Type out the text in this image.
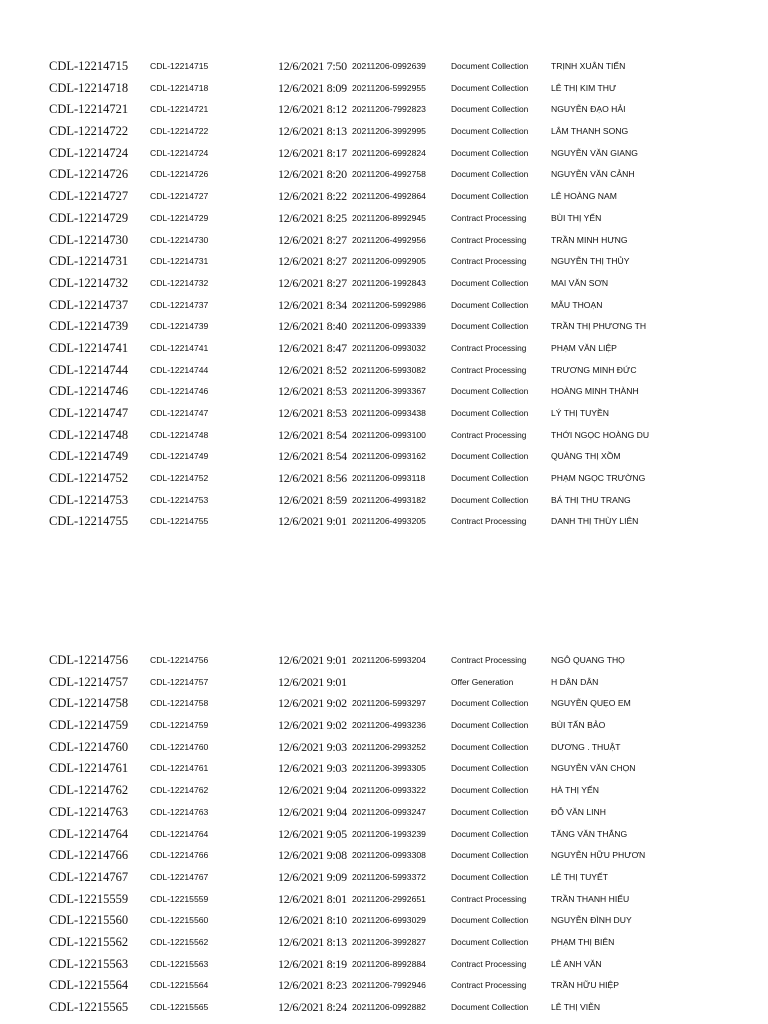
CDL-12214715	CDL-12214715	12/6/2021 7:50 20211206-0992639	Document Collection	TRỊNH XUÂN TIẾN
CDL-12214718	CDL-12214718	12/6/2021 8:09 20211206-5992955	Document Collection	LÊ THỊ KIM THƯ
CDL-12214721	CDL-12214721	12/6/2021 8:12 20211206-7992823	Document Collection	NGUYỄN ĐẠO HẢI
CDL-12214722	CDL-12214722	12/6/2021 8:13 20211206-3992995	Document Collection	LÂM THANH SONG
CDL-12214724	CDL-12214724	12/6/2021 8:17 20211206-6992824	Document Collection	NGUYỄN VĂN GIANG
CDL-12214726	CDL-12214726	12/6/2021 8:20 20211206-4992758	Document Collection	NGUYỄN VĂN CẢNH
CDL-12214727	CDL-12214727	12/6/2021 8:22 20211206-4992864	Document Collection	LÊ HOÀNG NAM
CDL-12214729	CDL-12214729	12/6/2021 8:25 20211206-8992945	Contract Processing	BÙI THỊ YẾN
CDL-12214730	CDL-12214730	12/6/2021 8:27 20211206-4992956	Contract Processing	TRẦN MINH HƯNG
CDL-12214731	CDL-12214731	12/6/2021 8:27 20211206-0992905	Contract Processing	NGUYỄN THỊ THỦY
CDL-12214732	CDL-12214732	12/6/2021 8:27 20211206-1992843	Document Collection	MAI VĂN SƠN
CDL-12214737	CDL-12214737	12/6/2021 8:34 20211206-5992986	Document Collection	MẪU THOẠN
CDL-12214739	CDL-12214739	12/6/2021 8:40 20211206-0993339	Document Collection	TRẦN THỊ PHƯƠNG TH
CDL-12214741	CDL-12214741	12/6/2021 8:47 20211206-0993032	Contract Processing	PHẠM VĂN LIỆP
CDL-12214744	CDL-12214744	12/6/2021 8:52 20211206-5993082	Contract Processing	TRƯƠNG MINH ĐỨC
CDL-12214746	CDL-12214746	12/6/2021 8:53 20211206-3993367	Document Collection	HOÀNG MINH THÀNH
CDL-12214747	CDL-12214747	12/6/2021 8:53 20211206-0993438	Document Collection	LÝ THỊ TUYỀN
CDL-12214748	CDL-12214748	12/6/2021 8:54 20211206-0993100	Contract Processing	THỚI NGỌC HOÀNG DU
CDL-12214749	CDL-12214749	12/6/2021 8:54 20211206-0993162	Document Collection	QUÀNG THỊ XỒM
CDL-12214752	CDL-12214752	12/6/2021 8:56 20211206-0993118	Document Collection	PHẠM NGỌC TRƯỜNG
CDL-12214753	CDL-12214753	12/6/2021 8:59 20211206-4993182	Document Collection	BÁ THỊ THU TRANG
CDL-12214755	CDL-12214755	12/6/2021 9:01 20211206-4993205	Contract Processing	DANH THỊ THÙY LIÊN
CDL-12214756	CDL-12214756	12/6/2021 9:01 20211206-5993204	Contract Processing	NGÔ QUANG THỌ
CDL-12214757	CDL-12214757	12/6/2021 9:01	Offer Generation	H DÂN DÂN
CDL-12214758	CDL-12214758	12/6/2021 9:02 20211206-5993297	Document Collection	NGUYỄN QUẸO EM
CDL-12214759	CDL-12214759	12/6/2021 9:02 20211206-4993236	Document Collection	BÙI TẤN BẢO
CDL-12214760	CDL-12214760	12/6/2021 9:03 20211206-2993252	Document Collection	DƯƠNG . THUẬT
CDL-12214761	CDL-12214761	12/6/2021 9:03 20211206-3993305	Document Collection	NGUYỄN VĂN CHỌN
CDL-12214762	CDL-12214762	12/6/2021 9:04 20211206-0993322	Document Collection	HÀ THỊ YẾN
CDL-12214763	CDL-12214763	12/6/2021 9:04 20211206-0993247	Document Collection	ĐỖ VĂN LINH
CDL-12214764	CDL-12214764	12/6/2021 9:05 20211206-1993239	Document Collection	TĂNG VĂN THẮNG
CDL-12214766	CDL-12214766	12/6/2021 9:08 20211206-0993308	Document Collection	NGUYỄN HỮU PHƯƠN
CDL-12214767	CDL-12214767	12/6/2021 9:09 20211206-5993372	Document Collection	LÊ THỊ TUYẾT
CDL-12215559	CDL-12215559	12/6/2021 8:01 20211206-2992651	Contract Processing	TRẦN THANH HIẾU
CDL-12215560	CDL-12215560	12/6/2021 8:10 20211206-6993029	Document Collection	NGUYỄN ĐÌNH DUY
CDL-12215562	CDL-12215562	12/6/2021 8:13 20211206-3992827	Document Collection	PHẠM THỊ BIÊN
CDL-12215563	CDL-12215563	12/6/2021 8:19 20211206-8992884	Contract Processing	LÊ ANH VĂN
CDL-12215564	CDL-12215564	12/6/2021 8:23 20211206-7992946	Contract Processing	TRẦN HỮU HIỆP
CDL-12215565	CDL-12215565	12/6/2021 8:24 20211206-0992882	Document Collection	LÊ THỊ VIỄN
